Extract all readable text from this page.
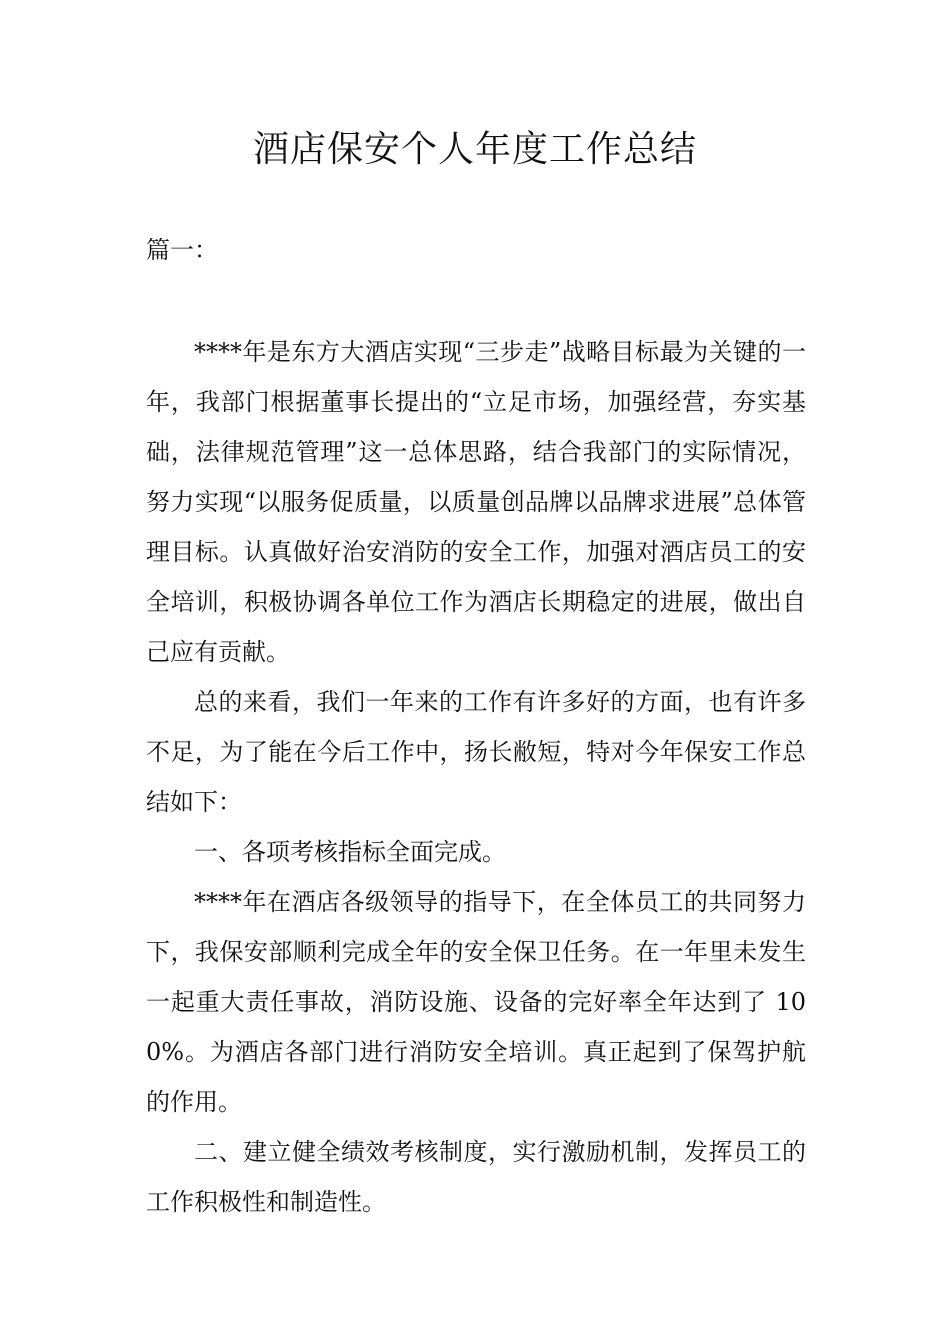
酒店保安个人年度工作总结
篇一：

****年是东方大酒店实现“三步走”战略目标最为关键的一年，我部门根据董事长提出的“立足市场，加强经营，夯实基础，法律规范管理”这一总体思路，结合我部门的实际情况，努力实现“以服务促质量，以质量创品牌以品牌求进展”总体管理目标。认真做好治安消防的安全工作，加强对酒店员工的安全培训，积极协调各单位工作为酒店长期稳定的进展，做出自己应有贡献。

总的来看，我们一年来的工作有许多好的方面，也有许多不足，为了能在今后工作中，扬长敝短，特对今年保安工作总结如下：

一、各项考核指标全面完成。

****年在酒店各级领导的指导下，在全体员工的共同努力下，我保安部顺利完成全年的安全保卫任务。在一年里未发生一起重大责任事故，消防设施、设备的完好率全年达到了 100%。为酒店各部门进行消防安全培训。真正起到了保驾护航的作用。

二、建立健全绩效考核制度，实行激励机制，发挥员工的工作积极性和制造性。
